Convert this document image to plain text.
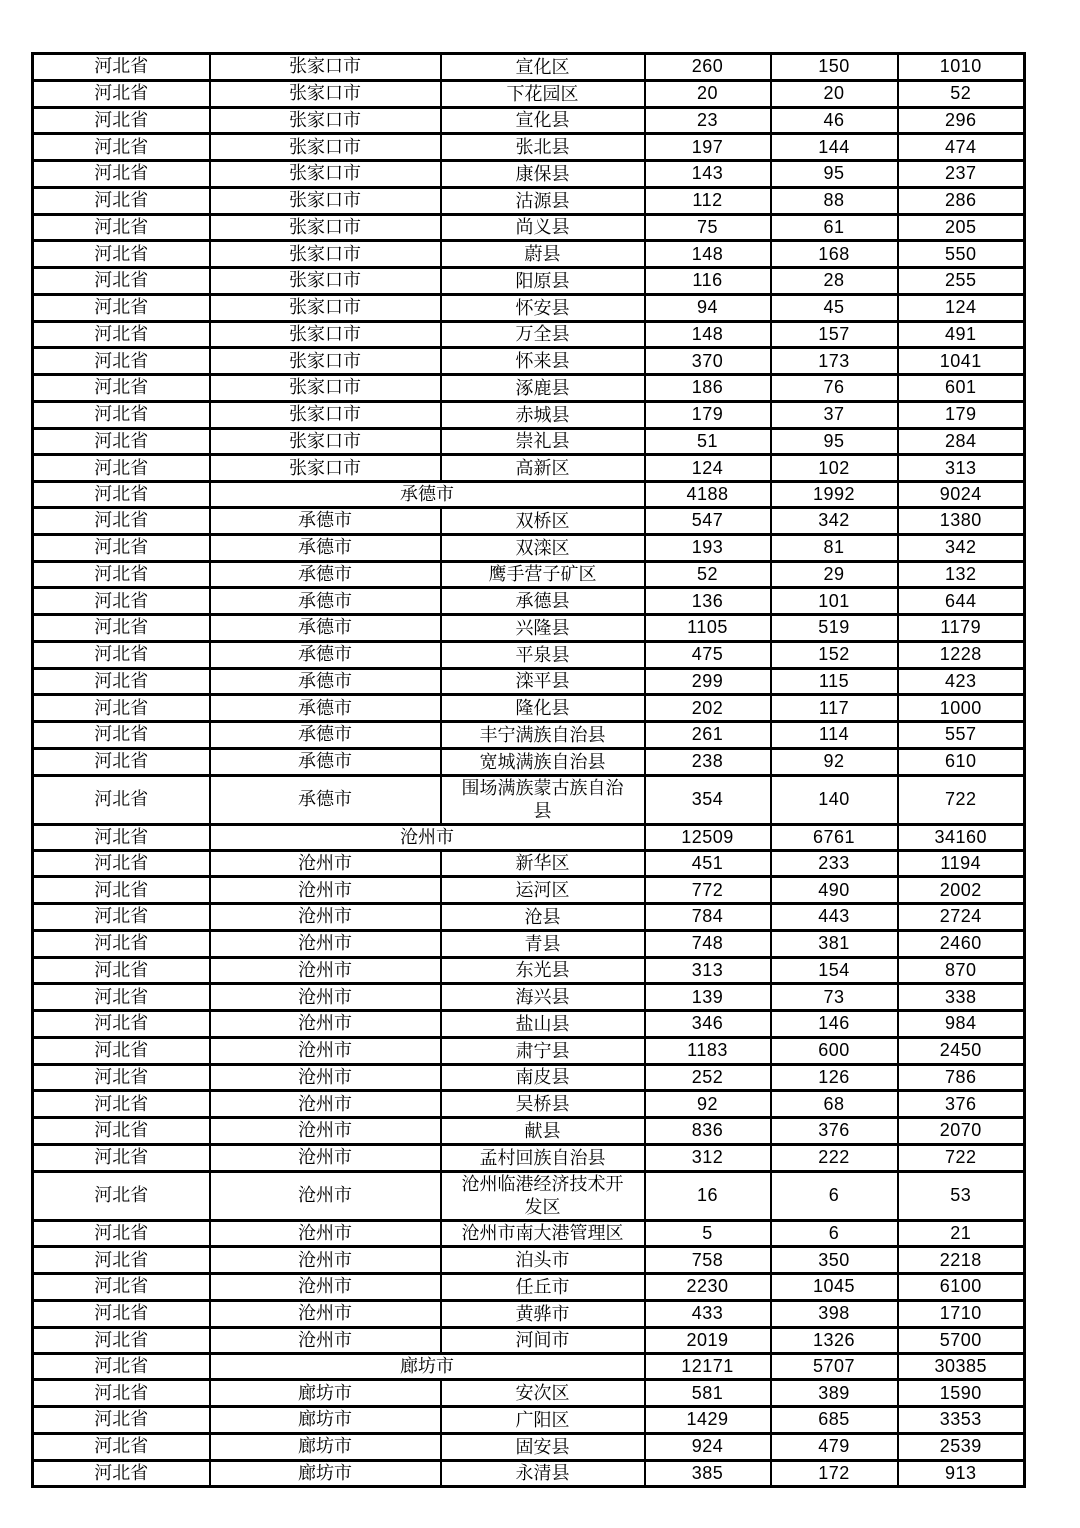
河北省	张家口市	宣化区	260	150	1010
河北省	张家口市	下花园区	20	20	52
河北省	张家口市	宣化县	23	46	296
河北省	张家口市	张北县	197	144	474
河北省	张家口市	康保县	143	95	237
河北省	张家口市	沽源县	112	88	286
河北省	张家口市	尚义县	75	61	205
河北省	张家口市	蔚县	148	168	550
河北省	张家口市	阳原县	116	28	255
河北省	张家口市	怀安县	94	45	124
河北省	张家口市	万全县	148	157	491
河北省	张家口市	怀来县	370	173	1041
河北省	张家口市	涿鹿县	186	76	601
河北省	张家口市	赤城县	179	37	179
河北省	张家口市	崇礼县	51	95	284
河北省	张家口市	高新区	124	102	313
河北省	承德市		4188	1992	9024
河北省	承德市	双桥区	547	342	1380
河北省	承德市	双滦区	193	81	342
河北省	承德市	鹰手营子矿区	52	29	132
河北省	承德市	承德县	136	101	644
河北省	承德市	兴隆县	1105	519	1179
河北省	承德市	平泉县	475	152	1228
河北省	承德市	滦平县	299	115	423
河北省	承德市	隆化县	202	117	1000
河北省	承德市	丰宁满族自治县	261	114	557
河北省	承德市	宽城满族自治县	238	92	610
河北省	承德市	围场满族蒙古族自治县	354	140	722
河北省	沧州市		12509	6761	34160
河北省	沧州市	新华区	451	233	1194
河北省	沧州市	运河区	772	490	2002
河北省	沧州市	沧县	784	443	2724
河北省	沧州市	青县	748	381	2460
河北省	沧州市	东光县	313	154	870
河北省	沧州市	海兴县	139	73	338
河北省	沧州市	盐山县	346	146	984
河北省	沧州市	肃宁县	1183	600	2450
河北省	沧州市	南皮县	252	126	786
河北省	沧州市	吴桥县	92	68	376
河北省	沧州市	献县	836	376	2070
河北省	沧州市	孟村回族自治县	312	222	722
河北省	沧州市	沧州临港经济技术开发区	16	6	53
河北省	沧州市	沧州市南大港管理区	5	6	21
河北省	沧州市	泊头市	758	350	2218
河北省	沧州市	任丘市	2230	1045	6100
河北省	沧州市	黄骅市	433	398	1710
河北省	沧州市	河间市	2019	1326	5700
河北省	廊坊市		12171	5707	30385
河北省	廊坊市	安次区	581	389	1590
河北省	廊坊市	广阳区	1429	685	3353
河北省	廊坊市	固安县	924	479	2539
河北省	廊坊市	永清县	385	172	913
